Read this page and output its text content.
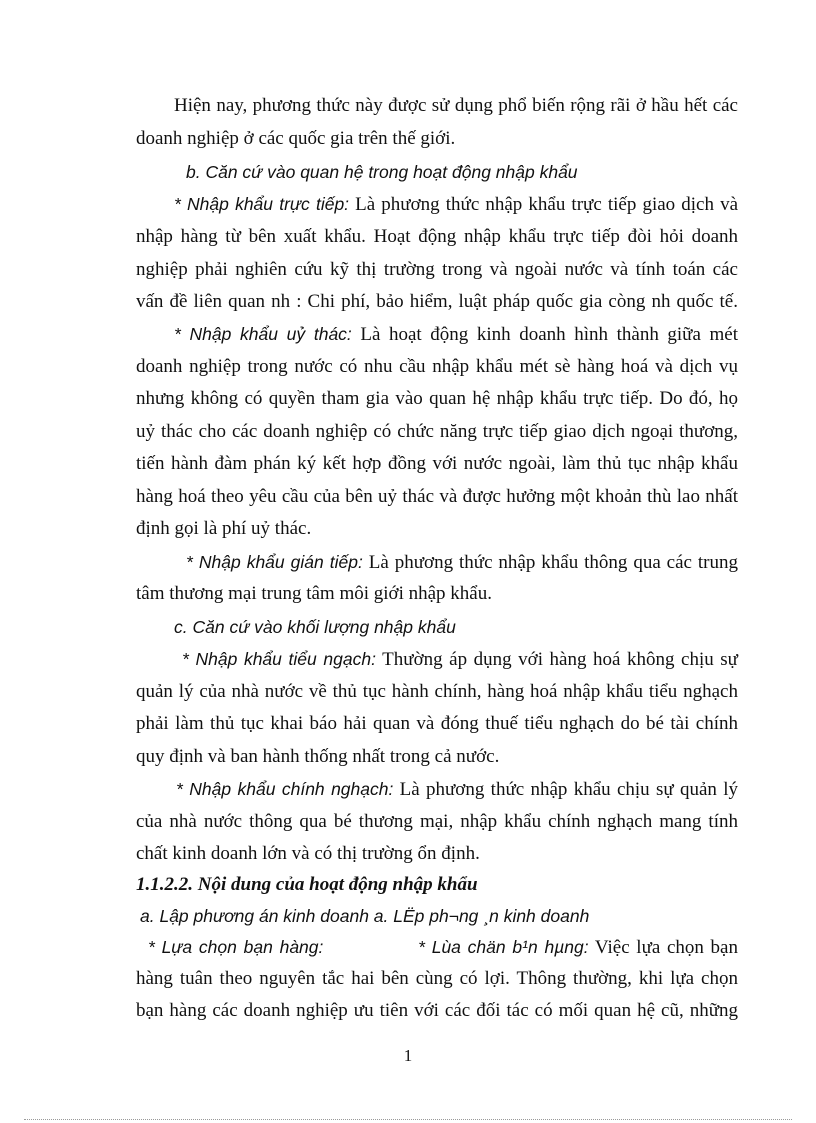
Hiện nay, phương thức này được sử dụng phổ biến rộng rãi ở hầu hết các
doanh nghiệp ở các quốc gia trên thế giới.
b. Căn cứ vào quan hệ trong hoạt động nhập khẩu
* Nhập khẩu trực tiếp: Là phương thức nhập khẩu trực tiếp giao dịch và
nhập hàng từ bên xuất khẩu. Hoạt động nhập khẩu trực tiếp đòi hỏi doanh
nghiệp phải nghiên cứu kỹ thị trường trong và ngoài nước và tính toán các
vấn đề liên quan nh : Chi phí, bảo hiểm, luật pháp quốc gia còng nh quốc tế.
* Nhập khẩu uỷ thác: Là hoạt động kinh doanh hình thành giữa mét
doanh nghiệp trong nước có nhu cầu nhập khẩu mét sè hàng hoá và dịch vụ
nhưng không có quyền tham gia vào quan hệ nhập khẩu trực tiếp. Do đó, họ
uỷ thác cho các doanh nghiệp có chức năng trực tiếp giao dịch ngoại thương,
tiến hành đàm phán ký kết hợp đồng với nước ngoài, làm thủ tục nhập khẩu
hàng hoá theo yêu cầu của bên uỷ thác và được hưởng một khoản thù lao nhất
định gọi là phí uỷ thác.
* Nhập khẩu gián tiếp: Là phương thức nhập khẩu thông qua các trung
tâm thương mại trung tâm môi giới nhập khẩu.
c. Căn cứ vào khối lượng nhập khẩu
* Nhập khẩu tiểu ngạch: Thường áp dụng với hàng hoá không chịu sự
quản lý của nhà nước về thủ tục hành chính, hàng hoá nhập khẩu tiểu nghạch
phải làm thủ tục khai báo hải quan và đóng thuế tiểu nghạch do bé tài chính
quy định và ban hành thống nhất trong cả nước.
* Nhập khẩu chính nghạch: Là phương thức nhập khẩu chịu sự quản lý
của nhà nước thông qua bé thương mại, nhập khẩu chính nghạch mang tính
chất kinh doanh lớn và có thị trường ổn định.
1.1.2.2. Nội dung của hoạt động nhập khẩu
a. Lập phương án kinh doanh a. LËp ph¬ng ¸n kinh doanh
* Lựa chọn bạn hàng:              * Lùa chän b¹n hµng: Việc lựa chọn bạn
hàng tuân theo nguyên tắc hai bên cùng có lợi. Thông thường, khi lựa chọn
bạn hàng các doanh nghiệp ưu tiên với các đối tác có mối quan hệ cũ, những
1
